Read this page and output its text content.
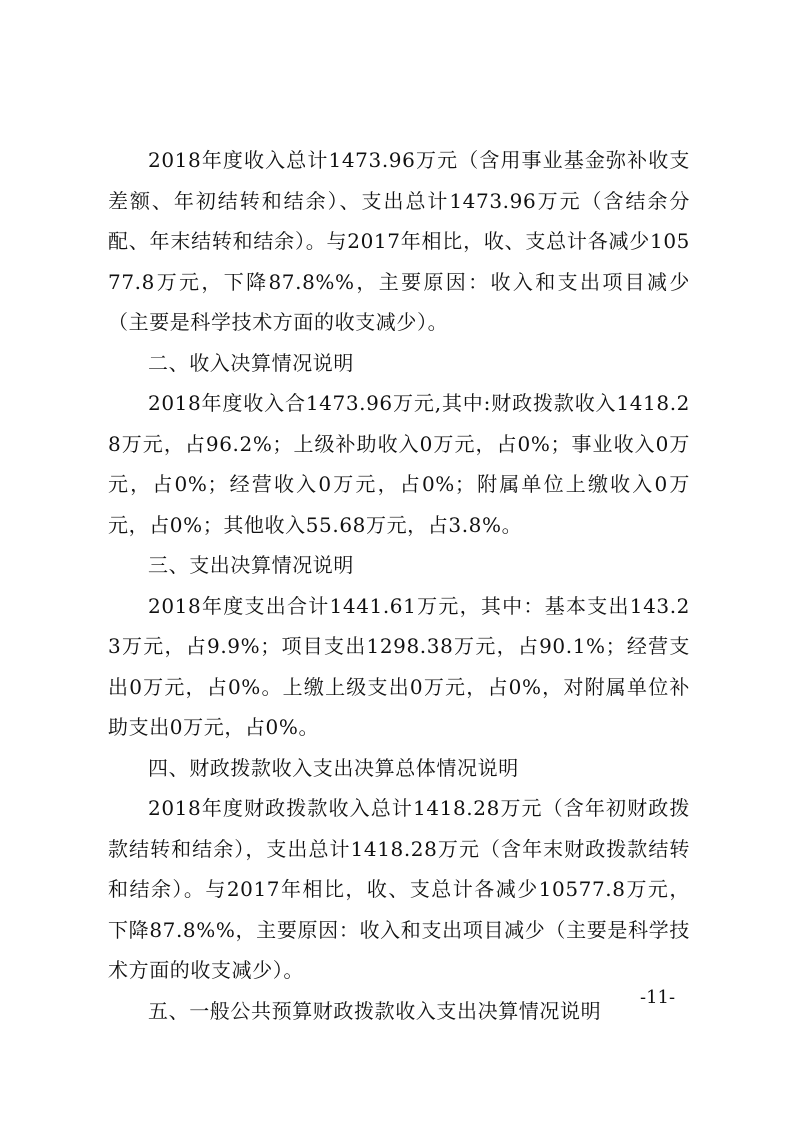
2018年度收入总计1473.96万元（含用事业基金弥补收支差额、年初结转和结余）、支出总计1473.96万元（含结余分配、年末结转和结余）。与2017年相比，收、支总计各减少10577.8万元，下降87.8%%，主要原因：收入和支出项目减少（主要是科学技术方面的收支减少）。

二、收入决算情况说明

2018年度收入合1473.96万元,其中:财政拨款收入1418.28万元，占96.2%；上级补助收入0万元，占0%；事业收入0万元，占0%；经营收入0万元，占0%；附属单位上缴收入0万元，占0%；其他收入55.68万元，占3.8%。

三、支出决算情况说明

2018年度支出合计1441.61万元，其中：基本支出143.23万元，占9.9%；项目支出1298.38万元，占90.1%；经营支出0万元，占0%。上缴上级支出0万元，占0%，对附属单位补助支出0万元，占0%。

四、财政拨款收入支出决算总体情况说明

2018年度财政拨款收入总计1418.28万元（含年初财政拨款结转和结余），支出总计1418.28万元（含年末财政拨款结转和结余）。与2017年相比，收、支总计各减少10577.8万元，下降87.8%%，主要原因：收入和支出项目减少（主要是科学技术方面的收支减少）。

五、一般公共预算财政拨款收入支出决算情况说明

-11-
